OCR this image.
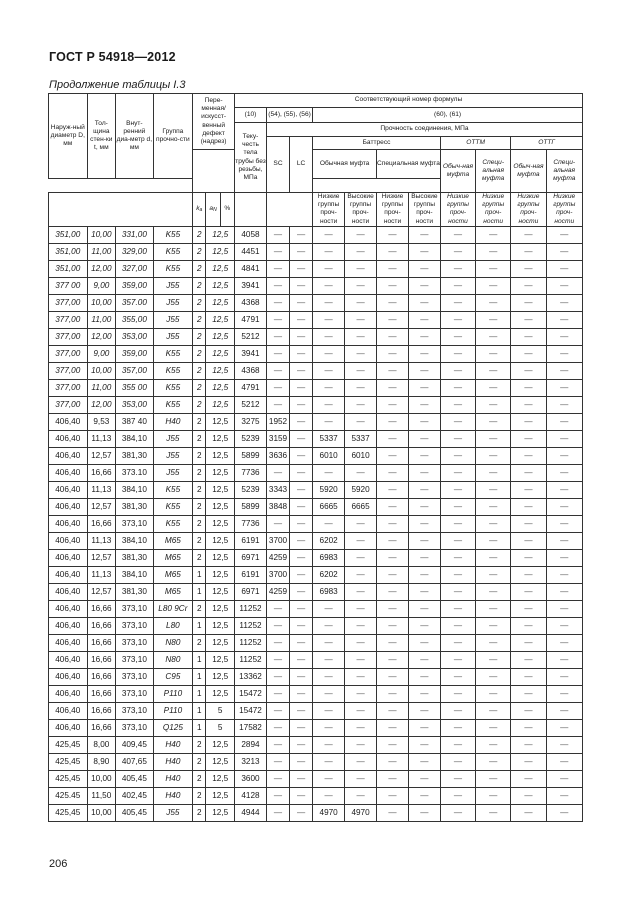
ГОСТ Р 54918—2012
Продолжение таблицы I.3
Наруж-ный диаметр D, мм	Тол-щина стен-ки t, мм	Внут-ренний диа-метр d, мм	Группа прочно-сти	Пере-менная/ искусст-венный дефект (надрез)			Соответствующий номер формулы										
							(10)	(54), (55), (56)		(60), (61)							
							Теку-честь тела трубы без резьбы, МПа	Прочность соединения, МПа									
								SC	LC	Баттресс				ОТТМ		ОТТГ	
										Обычная муфта		Специальная муфта		Обыч-ная муфта	Специ-альная муфта	Обыч-ная муфта	Специ-альная муфта

				$k_a$	$a_N$	%				Низкие группы проч-ности	Высокие группы проч-ности	Низкие группы проч-ности	Высокие группы проч-ности	Низкие группы проч-ности	Низкие группы проч-ности	Низкие группы проч-ности	Низкие группы проч-ности
351,00	10,00	331,00	K55	2	12,5		4058	—	—	—	—	—	—	—	—	—	—
351,00	11,00	329,00	K55	2	12,5		4451	—	—	—	—	—	—	—	—	—	—
351,00	12,00	327,00	K55	2	12,5		4841	—	—	—	—	—	—	—	—	—	—
377 00	9,00	359,00	J55	2	12,5		3941	—	—	—	—	—	—	—	—	—	—
377,00	10,00	357.00	J55	2	12,5		4368	—	—	—	—	—	—	—	—	—	—
377,00	11,00	355,00	J55	2	12,5		4791	—	—	—	—	—	—	—	—	—	—
377,00	12,00	353,00	J55	2	12,5		5212	—	—	—	—	—	—	—	—	—	—
377,00	9,00	359,00	K55	2	12,5		3941	—	—	—	—	—	—	—	—	—	—
377,00	10,00	357,00	K55	2	12,5		4368	—	—	—	—	—	—	—	—	—	—
377,00	11,00	355 00	K55	2	12,5		4791	—	—	—	—	—	—	—	—	—	—
377,00	12,00	353,00	K55	2	12,5		5212	—	—	—	—	—	—	—	—	—	—
406,40	9,53	387 40	H40	2	12,5		3275	1952	—	—	—	—	—	—	—	—	—
406,40	11,13	384,10	J55	2	12,5		5239	3159	—	5337	5337	—	—	—	—	—	—
406,40	12,57	381,30	J55	2	12,5		5899	3636	—	6010	6010	—	—	—	—	—	—
406,40	16,66	373.10	J55	2	12,5		7736	—	—	—	—	—	—	—	—	—	—
406,40	11,13	384,10	K55	2	12,5		5239	3343	—	5920	5920	—	—	—	—	—	—
406,40	12,57	381,30	K55	2	12,5		5899	3848	—	6665	6665	—	—	—	—	—	—
406,40	16,66	373,10	K55	2	12,5		7736	—	—	—	—	—	—	—	—	—	—
406,40	11,13	384,10	M65	2	12,5		6191	3700	—	6202	—	—	—	—	—	—	—
406,40	12,57	381,30	M65	2	12,5		6971	4259	—	6983	—	—	—	—	—	—	—
406,40	11,13	384,10	M65	1	12,5		6191	3700	—	6202	—	—	—	—	—	—	—
406,40	12,57	381,30	M65	1	12,5		6971	4259	—	6983	—	—	—	—	—	—	—
406,40	16,66	373,10	L80 9Cr	2	12,5		11252	—	—	—	—	—	—	—	—	—	—
406,40	16,66	373,10	L80	1	12,5		11252	—	—	—	—	—	—	—	—	—	—
406,40	16,66	373,10	N80	2	12,5		11252	—	—	—	—	—	—	—	—	—	—
406,40	16,66	373,10	N80	1	12,5		11252	—	—	—	—	—	—	—	—	—	—
406,40	16,66	373,10	C95	1	12,5		13362	—	—	—	—	—	—	—	—	—	—
406,40	16,66	373,10	P110	1	12,5		15472	—	—	—	—	—	—	—	—	—	—
406,40	16,66	373,10	P110	1	5		15472	—	—	—	—	—	—	—	—	—	—
406,40	16,66	373,10	Q125	1	5		17582	—	—	—	—	—	—	—	—	—	—
425,45	8,00	409,45	H40	2	12,5		2894	—	—	—	—	—	—	—	—	—	—
425,45	8,90	407,65	H40	2	12,5		3213	—	—	—	—	—	—	—	—	—	—
425,45	10,00	405,45	H40	2	12,5		3600	—	—	—	—	—	—	—	—	—	—
425.45	11,50	402,45	H40	2	12,5		4128	—	—	—	—	—	—	—	—	—	—
425,45	10,00	405,45	J55	2	12,5		4944	—	—	4970	4970	—	—	—	—	—	—
206
